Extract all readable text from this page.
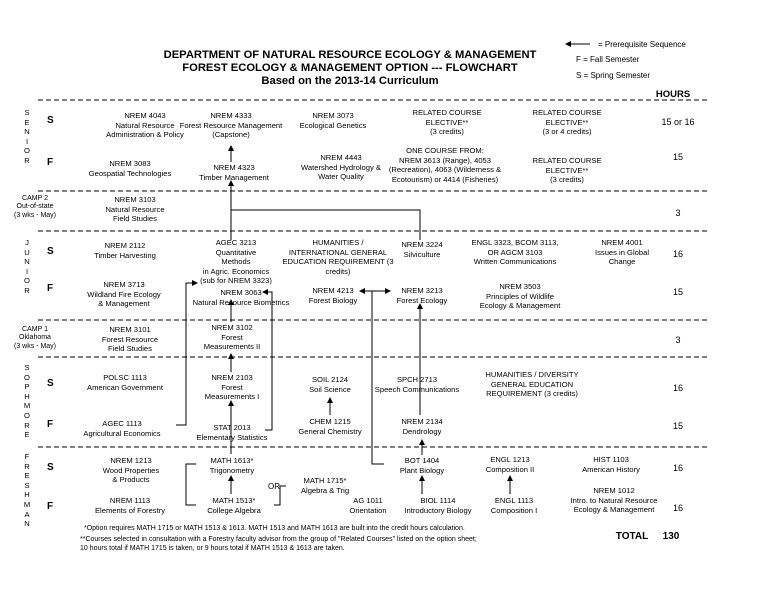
DEPARTMENT OF NATURAL RESOURCE ECOLOGY & MANAGEMENT
FOREST ECOLOGY & MANAGEMENT OPTION --- FLOWCHART
Based on the 2013-14 Curriculum
= Prerequisite Sequence
F = Fall Semester
S = Spring Semester
HOURS
S
E
N
I
O
R
J
U
N
I
O
R
S
O
P
H
M
O
R
E
F
R
E
S
H
M
A
N
CAMP 2
Out-of-state
(3 wks - May)
CAMP 1
Oklahoma
(3 wks - May)
S
F
S
F
S
F
S
F
NREM 4043
Natural Resource
Administration & Policy
NREM 4333
Forest Resource Management
(Capstone)
NREM 3073
Ecological Genetics
RELATED COURSE
ELECTIVE**
(3 credits)
RELATED COURSE
ELECTIVE**
(3 or 4 credits)
NREM 3083
Geospatial Technologies
NREM 4323
Timber Management
NREM 4443
Watershed Hydrology &
Water Quality
ONE COURSE FROM:
NREM 3613 (Range), 4053
(Recreation), 4063 (Wilderness &
Ecotourism) or 4414 (Fisheries)
RELATED COURSE
ELECTIVE**
(3 credits)
NREM 3103
Natural Resource
Field Studies
NREM 2112
Timber Harvesting
AGEC 3213
Quantitative
Methods
in Agric. Economics
(sub for NREM 3323)
HUMANITIES /
INTERNATIONAL GENERAL
EDUCATION REQUIREMENT (3
credits)
NREM 3224
Silviculture
ENGL 3323, BCOM 3113,
OR AGCM 3103
Written Communications
NREM 4001
Issues in Global
Change
NREM 3713
Wildland Fire Ecology
& Management
NREM 3063
Natural Resource Biometrics
NREM 4213
Forest Biology
NREM 3213
Forest Ecology
NREM 3503
Principles of Wildlife
Ecology & Management
NREM 3101
Forest Resource
Field Studies
NREM 3102
Forest
Measurements II
POLSC 1113
American Government
NREM 2103
Forest
Measurements I
SOIL 2124
Soil Science
SPCH 2713
Speech Communications
HUMANITIES / DIVERSITY
GENERAL EDUCATION
REQUIREMENT (3 credits)
AGEC 1113
Agricultural Economics
STAT 2013
Elementary Statistics
CHEM 1215
General Chemistry
NREM 2134
Dendrology
NREM 1213
Wood Properties
& Products
MATH 1613*
Trigonometry
MATH 1715*
Algebra & Trig
BOT 1404
Plant Biology
ENGL 1213
Composition II
HIST 1103
American History
NREM 1113
Elements of Forestry
MATH 1513*
College Algebra
AG 1011
Orientation
BIOL 1114
Introductory Biology
ENGL 1113
Composition I
NREM 1012
Intro. to Natural Resource
Ecology & Management
OR
15 or 16
15
3
16
15
3
16
15
16
16
*Option requires MATH 1715 or MATH 1513 & 1613. MATH 1513 and MATH 1613 are built into the credit hours calculation.
**Courses selected in consultation with a Forestry faculty advisor from the group of "Related Courses" listed on the option sheet;
10 hours total if MATH 1715 is taken, or 9 hours total if MATH 1513 & 1613 are taken.
TOTAL	130
